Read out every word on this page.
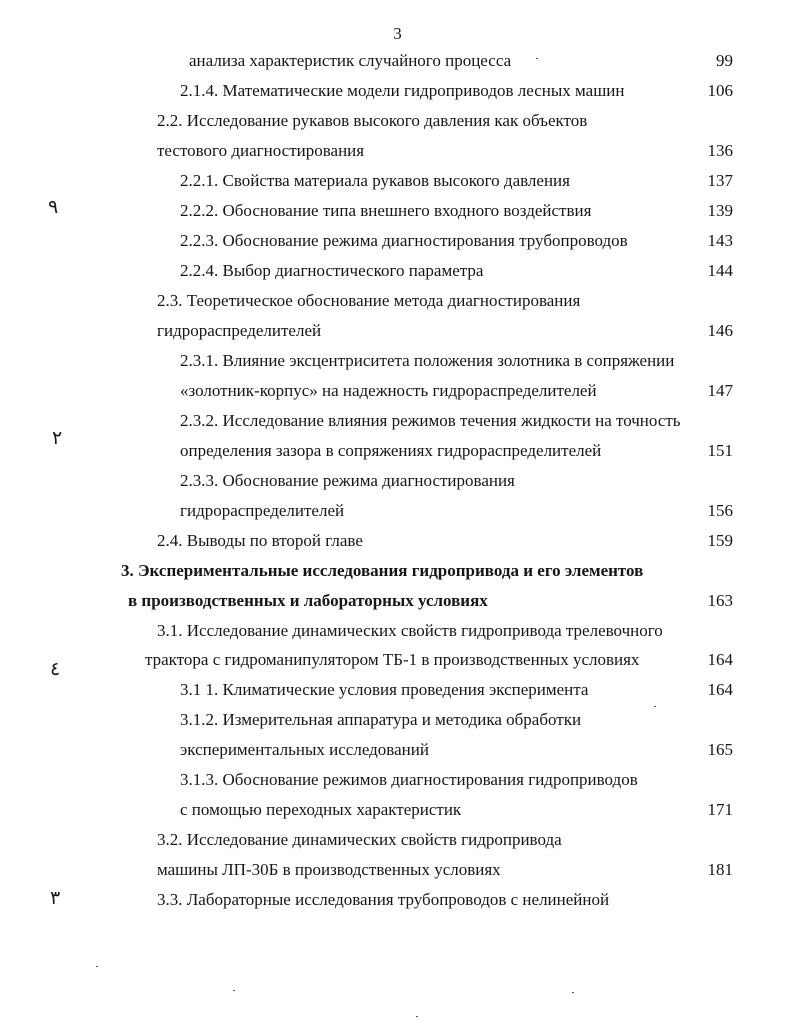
3
анализа характеристик случайного процесса	99
2.1.4. Математические модели гидроприводов лесных машин	106
2.2. Исследование рукавов высокого давления как объектов
тестового диагностирования	136
2.2.1. Свойства материала рукавов высокого давления	137
2.2.2. Обоснование типа внешнего входного воздействия	139
2.2.3. Обоснование режима диагностирования трубопроводов	143
2.2.4. Выбор диагностического параметра	144
2.3. Теоретическое обоснование метода диагностирования
гидрораспределителей	146
2.3.1. Влияние эксцентриситета положения золотника в сопряжении
«золотник-корпус» на надежность гидрораспределителей	147
2.3.2. Исследование влияния режимов течения жидкости на точность
определения зазора в сопряжениях гидрораспределителей	151
2.3.3. Обоснование режима диагностирования
гидрораспределителей	156
2.4. Выводы по второй главе	159
3. Экспериментальные исследования гидропривода и его элементов
в производственных и лабораторных условиях	163
3.1. Исследование динамических свойств гидропривода трелевочного
трактора с гидроманипулятором ТБ-1 в производственных условиях	164
3.1 1. Климатические условия проведения эксперимента	164
3.1.2. Измерительная аппаратура и методика обработки
экспериментальных исследований	165
3.1.3. Обоснование режимов диагностирования гидроприводов
с помощью переходных характеристик	171
3.2. Исследование динамических свойств гидропривода
машины ЛП-30Б в производственных условиях	181
3.3. Лабораторные исследования трубопроводов с нелинейной
٩
٢
٤
٣
